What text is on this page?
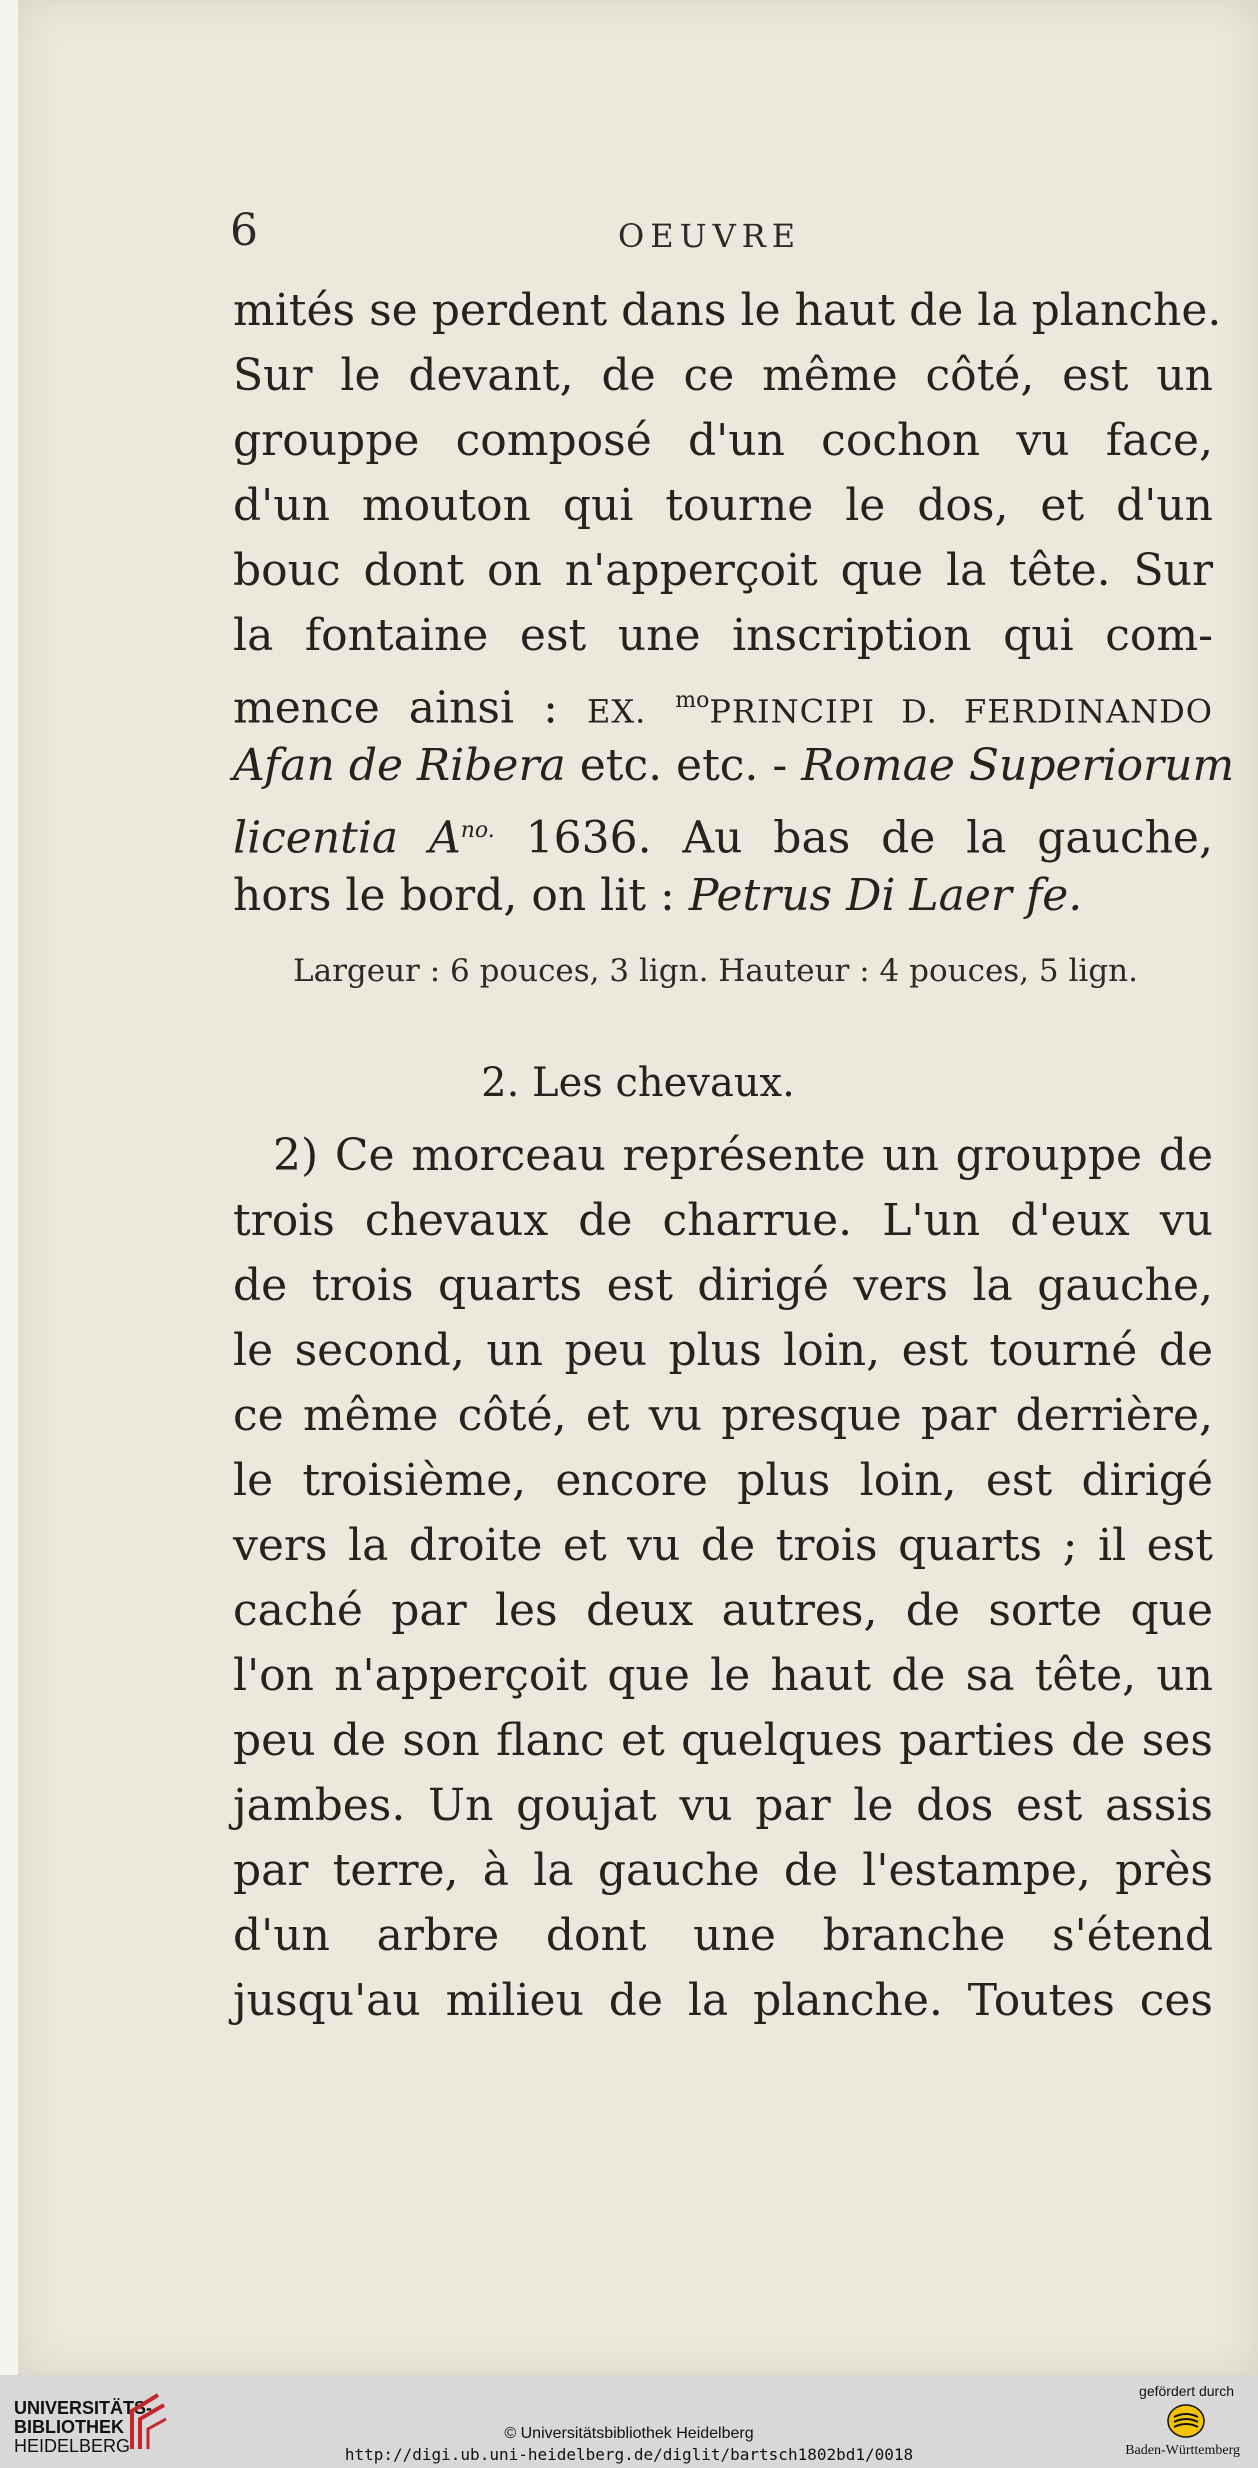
6	OEUVRE
mités se perdent dans le haut de la planche.
Sur le devant, de ce même côté, est un
grouppe composé d'un cochon vu face,
d'un mouton qui tourne le dos, et d'un
bouc dont on n'apperçoit que la tête. Sur
la fontaine est une inscription qui com-
mence ainsi : EX. $^{mo}$PRINCIPI D. FERDINANDO
Afan de Ribera etc. etc. - Romae Superiorum
licentia $A^{no.}$ 1636. Au bas de la gauche,
hors le bord, on lit : Petrus Di Laer fe.
Largeur : 6 pouces, 3 lign. Hauteur : 4 pouces, 5 lign.
2. Les chevaux.
2) Ce morceau représente un grouppe de
trois chevaux de charrue. L'un d'eux vu
de trois quarts est dirigé vers la gauche,
le second, un peu plus loin, est tourné de
ce même côté, et vu presque par derrière,
le troisième, encore plus loin, est dirigé
vers la droite et vu de trois quarts ; il est
caché par les deux autres, de sorte que
l'on n'apperçoit que le haut de sa tête, un
peu de son flanc et quelques parties de ses
jambes. Un goujat vu par le dos est assis
par terre, à la gauche de l'estampe, près
d'un arbre dont une branche s'étend
jusqu'au milieu de la planche. Toutes ces
UNIVERSITÄTS-
BIBLIOTHEK
HEIDELBERG
© Universitätsbibliothek Heidelberg
http://digi.ub.uni-heidelberg.de/diglit/bartsch1802bd1/0018
gefördert durch
Baden-Württemberg
